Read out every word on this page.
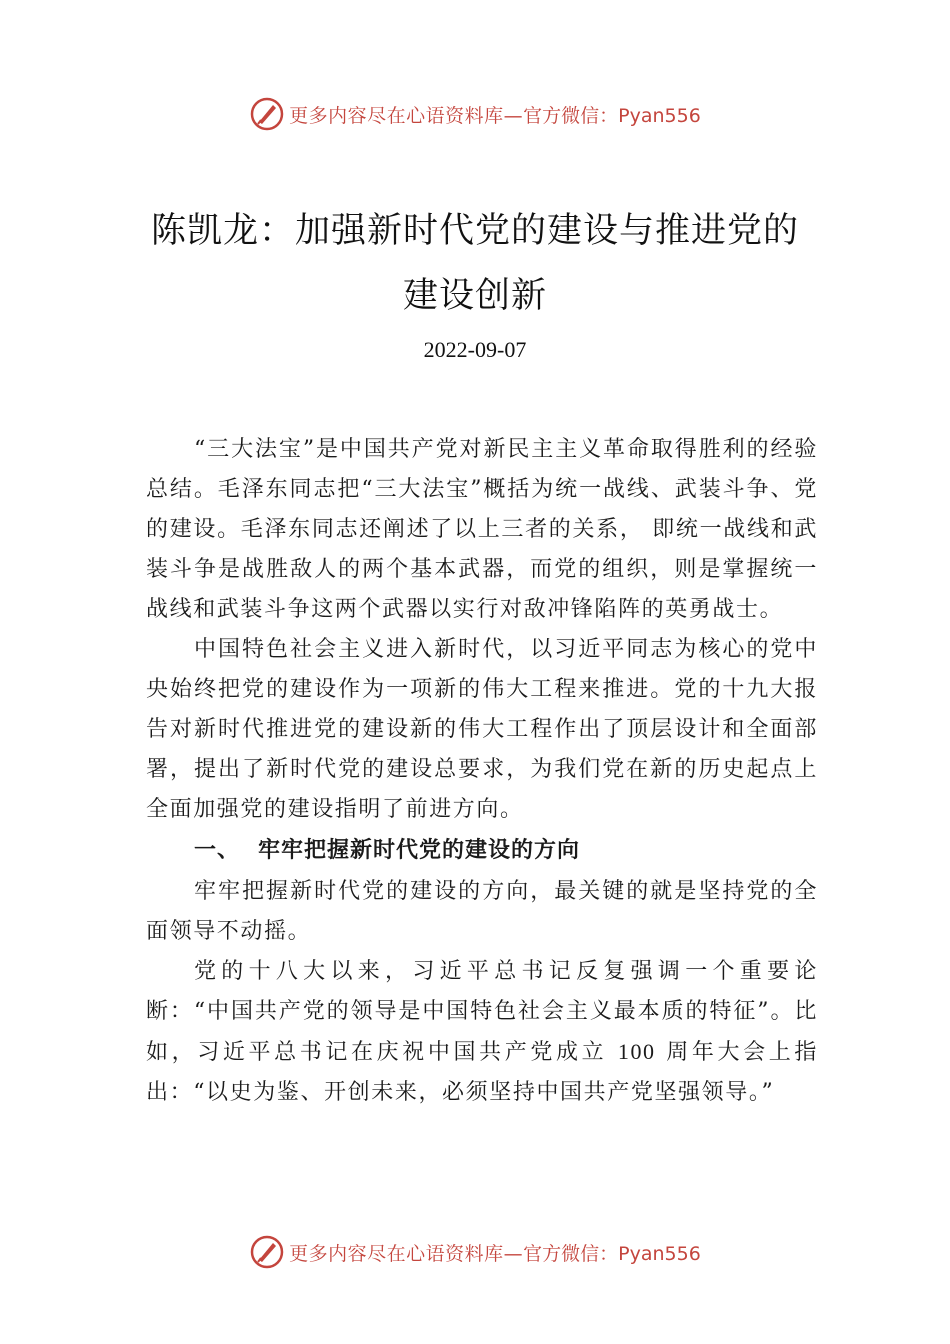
更多内容尽在心语资料库— 官方微信：Pyan556
陈凯龙：加强新时代党的建设与推进党的
建设创新
2022-09-07

“三大法宝”是中国共产党对新民主主义革命取得胜利的经验总结。毛泽东同志把“三大法宝”概括为统一战线、武装斗争、党的建设。毛泽东同志还阐述了以上三者的关系， 即统一战线和武装斗争是战胜敌人的两个基本武器，而党的组织，则是掌握统一战线和武装斗争这两个武器以实行对敌冲锋陷阵的英勇战士。

中国特色社会主义进入新时代，以习近平同志为核心的党中央始终把党的建设作为一项新的伟大工程来推进。党的十九大报告对新时代推进党的建设新的伟大工程作出了顶层设计和全面部署，提出了新时代党的建设总要求，为我们党在新的历史起点上全面加强党的建设指明了前进方向。

一、 牢牢把握新时代党的建设的方向

牢牢把握新时代党的建设的方向，最关键的就是坚持党的全面领导不动摇。

党的十八大以来，习近平总书记反复强调一个重要论断：“中国共产党的领导是中国特色社会主义最本质的特征”。比如，习近平总书记在庆祝中国共产党成立 100 周年大会上指出：“以史为鉴、开创未来，必须坚持中国共产党坚强领导。”

更多内容尽在心语资料库— 官方微信：Pyan556
